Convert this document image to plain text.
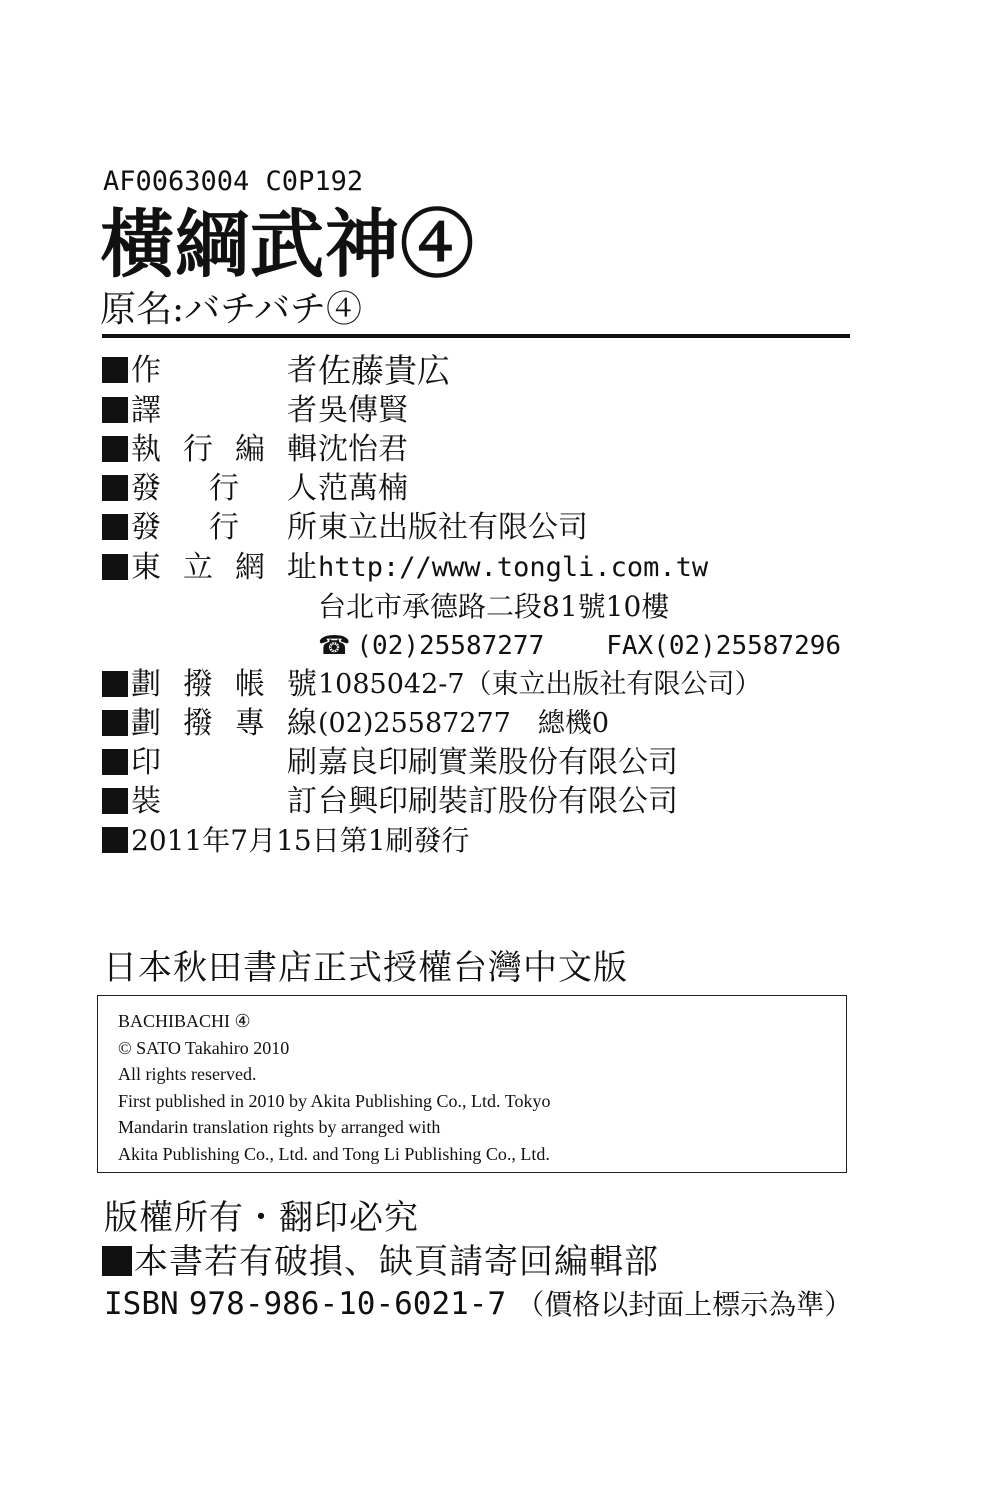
AF0063004 C0P192
橫綱武神④
原名:バチバチ④
作　者 佐藤貴広
譯　者 吳傳賢
執行編輯 沈怡君
發行人 范萬楠
發行所 東立出版社有限公司
東立網址 http://www.tongli.com.tw
台北市承德路二段81號10樓
☎ (02)25587277 FAX(02)25587296
劃撥帳號 1085042-7（東立出版社有限公司）
劃撥專線 (02)25587277　總機0
印　刷 嘉良印刷實業股份有限公司
裝　訂 台興印刷裝訂股份有限公司
2011年7月15日第1刷發行
日本秋田書店正式授權台灣中文版
BACHIBACHI ④
© SATO Takahiro 2010
All rights reserved.
First published in 2010 by Akita Publishing Co., Ltd. Tokyo
Mandarin translation rights by arranged with
Akita Publishing Co., Ltd. and Tong Li Publishing Co., Ltd.
版權所有・翻印必究
本書若有破損、缺頁請寄回編輯部
ISBN 978-986-10-6021-7 （價格以封面上標示為準）
